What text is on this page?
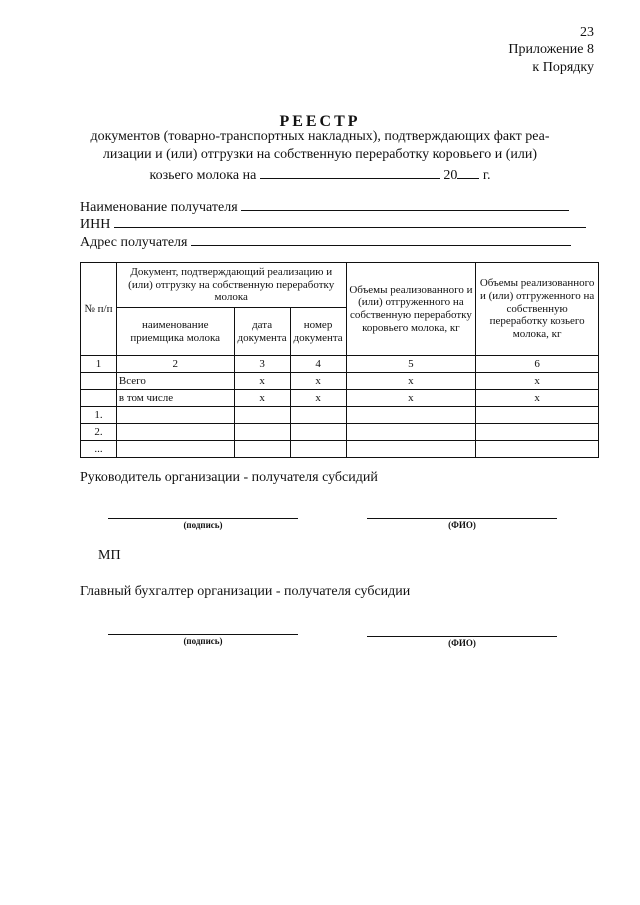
23
Приложение 8
к Порядку
РЕЕСТР
документов (товарно-транспортных накладных), подтверждающих факт реа-
лизации и (или) отгрузки на собственную переработку коровьего и (или)
козьего молока на	20 г.
Наименование получателя
ИНН
Адрес получателя
№ п/п	Документ, подтверждающий реализацию и (или) отгрузку на собственную переработку молока			Объемы реализованного и (или) отгруженного на собственную переработку коровьего молока, кг	Объемы реализованного и (или) отгруженного на собственную переработку козьего молока, кг
	наименование приемщика молока	дата документа	номер документа		
1	2	3	4	5	6
	Всего	х	х	х	х
	в том числе	х	х	х	х
1.					
2.					
...					
Руководитель организации - получателя субсидий
(подпись)	(ФИО)
МП
Главный бухгалтер организации - получателя субсидии
(подпись)	(ФИО)
